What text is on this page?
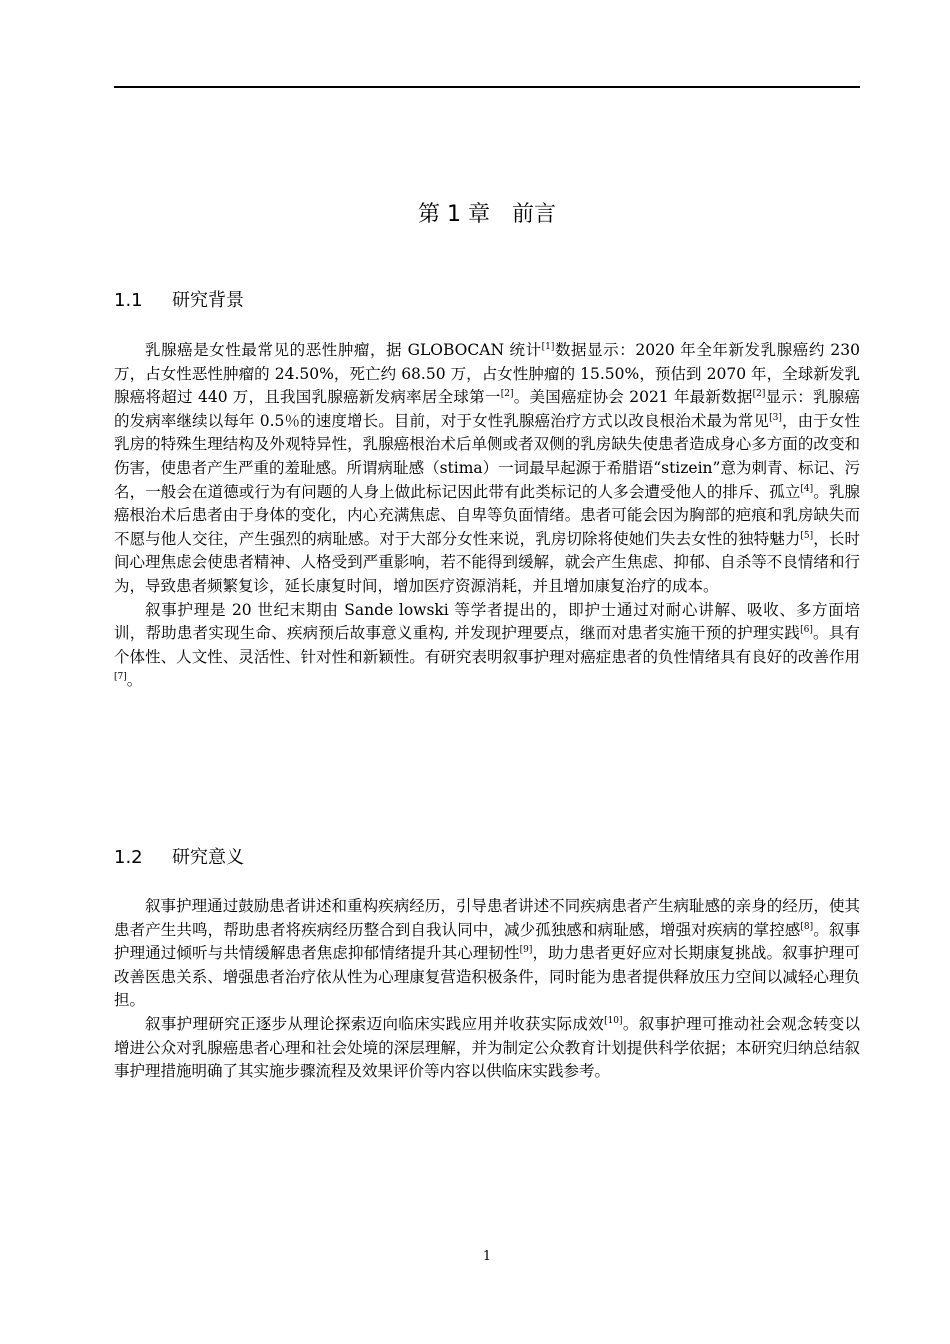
第 1 章　前言
1.1 研究背景

乳腺癌是女性最常见的恶性肿瘤，据 GLOBOCAN 统计[1]数据显示：2020 年全年新发乳腺癌约 230 万，占女性恶性肿瘤的 24.50%，死亡约 68.50 万，占女性肿瘤的 15.50%，预估到 2070 年，全球新发乳腺癌将超过 440 万，且我国乳腺癌新发病率居全球第一[2]。美国癌症协会 2021 年最新数据[2]显示：乳腺癌的发病率继续以每年 0.5％的速度增长。目前，对于女性乳腺癌治疗方式以改良根治术最为常见[3]，由于女性乳房的特殊生理结构及外观特异性，乳腺癌根治术后单侧或者双侧的乳房缺失使患者造成身心多方面的改变和伤害，使患者产生严重的羞耻感。所谓病耻感（stima）一词最早起源于希腊语“stizein”意为刺青、标记、污名，一般会在道德或行为有问题的人身上做此标记因此带有此类标记的人多会遭受他人的排斥、孤立[4]。乳腺癌根治术后患者由于身体的变化，内心充满焦虑、自卑等负面情绪。患者可能会因为胸部的疤痕和乳房缺失而不愿与他人交往，产生强烈的病耻感。对于大部分女性来说，乳房切除将使她们失去女性的独特魅力[5]，长时间心理焦虑会使患者精神、人格受到严重影响，若不能得到缓解，就会产生焦虑、抑郁、自杀等不良情绪和行为，导致患者频繁复诊，延长康复时间，增加医疗资源消耗，并且增加康复治疗的成本。

叙事护理是 20 世纪末期由 Sande lowski 等学者提出的，即护士通过对耐心讲解、吸收、多方面培训，帮助患者实现生命、疾病预后故事意义重构, 并发现护理要点，继而对患者实施干预的护理实践[6]。具有个体性、人文性、灵活性、针对性和新颖性。有研究表明叙事护理对癌症患者的负性情绪具有良好的改善作用[7]。

1.2 研究意义

叙事护理通过鼓励患者讲述和重构疾病经历，引导患者讲述不同疾病患者产生病耻感的亲身的经历，使其患者产生共鸣，帮助患者将疾病经历整合到自我认同中，减少孤独感和病耻感，增强对疾病的掌控感[8]。叙事护理通过倾听与共情缓解患者焦虑抑郁情绪提升其心理韧性[9]，助力患者更好应对长期康复挑战。叙事护理可改善医患关系、增强患者治疗依从性为心理康复营造积极条件，同时能为患者提供释放压力空间以减轻心理负担。

叙事护理研究正逐步从理论探索迈向临床实践应用并收获实际成效[10]。叙事护理可推动社会观念转变以增进公众对乳腺癌患者心理和社会处境的深层理解，并为制定公众教育计划提供科学依据；本研究归纳总结叙事护理措施明确了其实施步骤流程及效果评价等内容以供临床实践参考。

1
